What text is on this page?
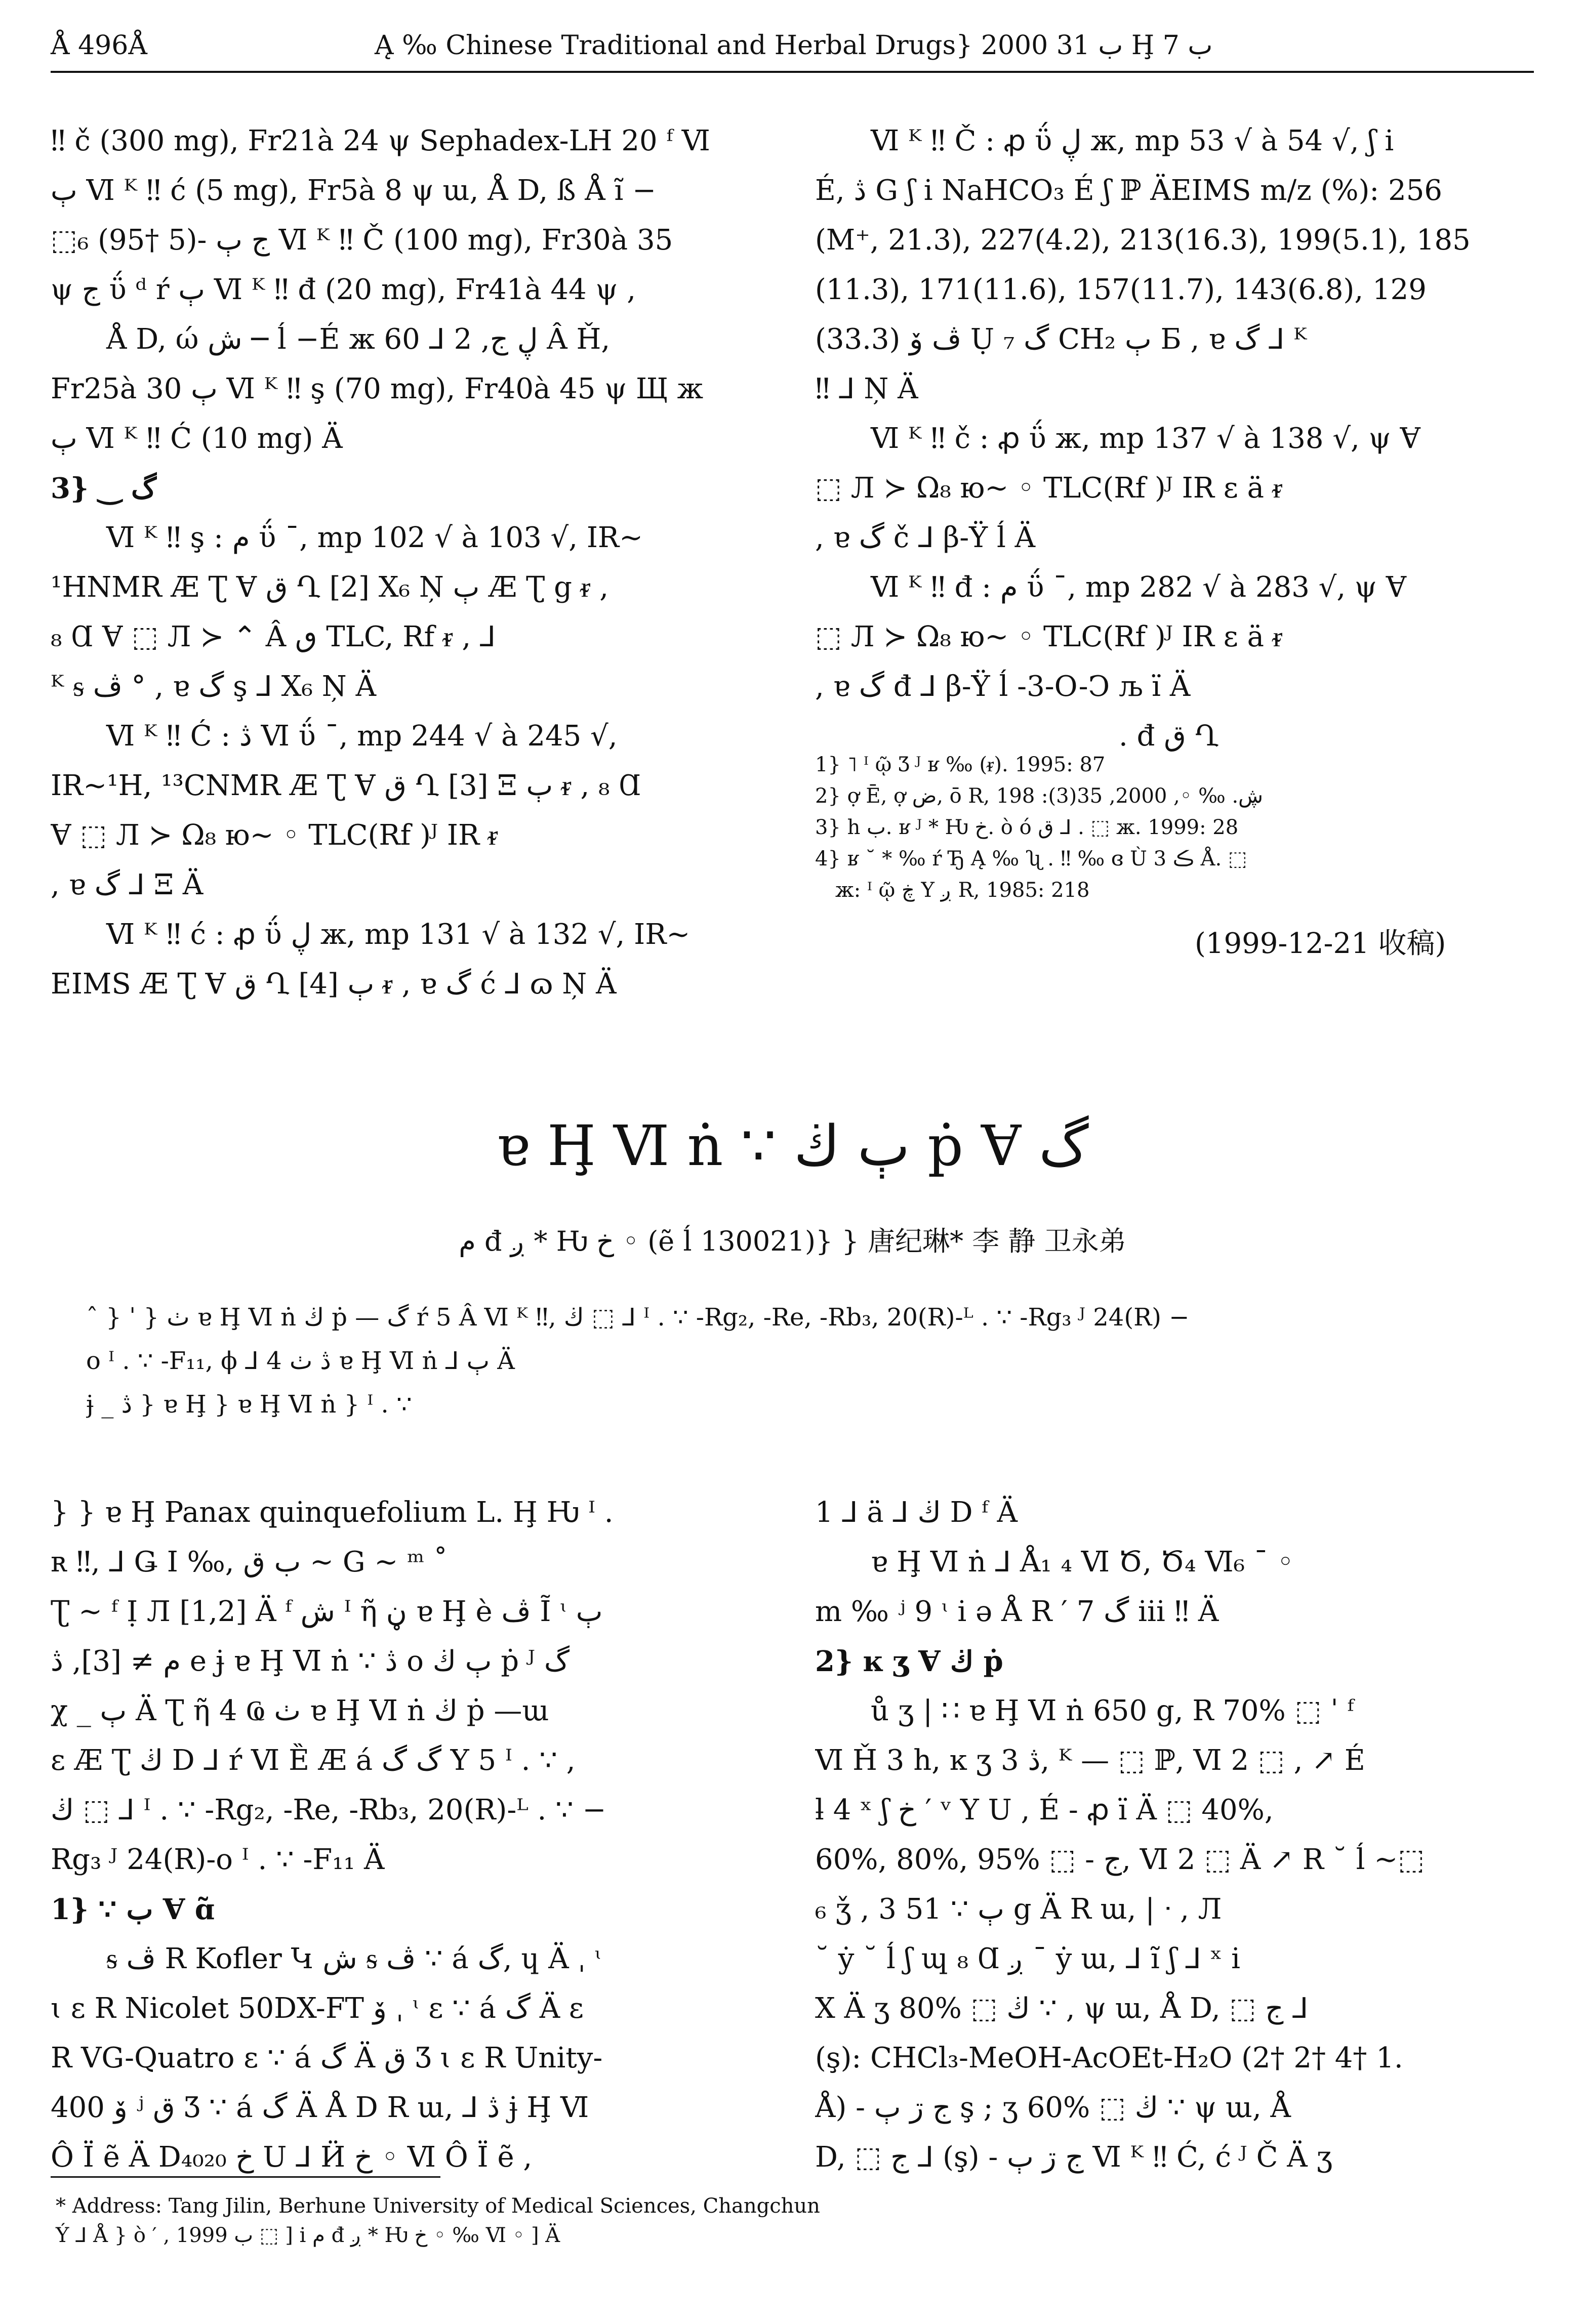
Å 496Å	Ą ‰ Chinese Traditional and Herbal Drugs} 2000 ب 31 Ḩ ب 7

‼ č (300 mg), Fr21à 24 ψ Sephadex-LH 20 ᶠ Ⅵ

ٻ Ⅵ ᴷ ‼ ć (5 mg), Fr5à 8 ψ ɯ, Å D, ß Å ĩ −

⬚₆ (95† 5)- ج ٻ Ⅵ ᴷ ‼ Č (100 mg), Fr30à 35

ψ ج ΰ ᵈ ŕ ٻ Ⅵ ᴷ ‼ đ (20 mg), Fr41à 44 ψ ,

Å D, ώ ش ─ ĺ −É ж ڸ ج, 2 ⅃ 60 Â Ȟ,

Fr25à 30 ٻ Ⅵ ᴷ ‼ ş (70 mg), Fr40à 45 ψ Щ ж

ٻ Ⅵ ᴷ ‼ Ć (10 mg) Ä

3} ‿ گ

Ⅵ ᴷ ‼ ş : م ΰ ¯, mp 102 √ à 103 √, IR~

¹HNMR Æ Ʈ Ɐ ق Ղ [2] X₆ Ņ ٻ Æ Ʈ g ᵲ ,

₈ Ɑ Ɐ ⬚ Л ≻ ⌃ Â ٯ TLC, Rf ᵲ , ⅃

ᴷ ᵴ ڤ ° , ɐ گ ş ⅃ X₆ Ņ Ä

Ⅵ ᴷ ‼ Ć : ڎ Ⅵ ΰ ¯, mp 244 √ à 245 √,

IR~¹H, ¹³CNMR Æ Ʈ Ɐ ق Ղ [3] Ξ ٻ ᵲ , ₈ Ɑ

Ɐ ⬚ Л ≻ Ω₈ ю~ ◦ TLC(Rf )ᴶ IR ᵲ

, ɐ گ ⅃ Ξ Ä

Ⅵ ᴷ ‼ ć : ꝓ ΰ ڸ ж, mp 131 √ à 132 √, IR~

EIMS Æ Ʈ Ɐ ق Ղ [4] ٻ ᵲ , ɐ گ ć ⅃ ɷ Ņ Ä

Ⅵ ᴷ ‼ Č : ꝓ ΰ ڸ ж, mp 53 √ à 54 √, ʃ i

É, ڎ G ʃ i NaHCO₃ É ʃ ℙ ÄEIMS m/z (%): 256

(M⁺, 21.3), 227(4.2), 213(16.3), 199(5.1), 185

(11.3), 171(11.6), 157(11.7), 143(6.8), 129

(33.3) ڤ ۆ Ụ گ ₇ CH₂ ٻ Б , ɐ گ ⅃ ᴷ

‼ ⅃ Ņ Ä

Ⅵ ᴷ ‼ č : ꝓ ΰ ж, mp 137 √ à 138 √, ψ Ɐ

⬚ Л ≻ Ω₈ ю~ ◦ TLC(Rf )ᴶ IR ɛ ä ᵲ

, ɐ گ č ⅃ β-Ÿ ĺ Ä

Ⅵ ᴷ ‼ đ : م ΰ ¯, mp 282 √ à 283 √, ψ Ɐ

⬚ Л ≻ Ω₈ ю~ ◦ TLC(Rf )ᴶ IR ɛ ä ᵲ

, ɐ گ đ ⅃ β-Ÿ ĺ -3-O-Ͻ љ ï Ä

. đ ق Ղ

1} ˥ ᴵ ῷ Ʒ ᴶ ʁ ‰ (ᵲ). 1995: 87

2} ợ Ē, ợ ض, ō R, ڜ. ‰ ◦, 2000, 35(3): 198

3} h ب. ʁ ᴶ * Ƕ خ. ò ó ق ⅃ . ⬚ ж. 1999: 28

4} ʁ ˘ * ‰ ŕ Ђ Ą ‰ ʯ . ‼ ‰ ɞ Ù ڪ 3 Å. ⬚

ж: ᴵ ῷ ڿ Y ږ R, 1985: 218

(1999-12-21 收稿)
ɐ Ḩ Ⅵ ṅ ∵ ٻ ڬ ṗ Ɐ گ
م đ ږ * Ƕ خ ◦ (ẽ ĺ 130021)} } 唐纪琳* 李 静 卫永弟

ˆ } ˈ } ٺ ɐ Ḩ Ⅵ ṅ ڬ ṗ — گ ŕ 5 Â Ⅵ ᴷ ‼, ڬ ⬚ ⅃ ᴵ . ∵ -Rg₂, -Re, -Rb₃, 20(R)-ᴸ . ∵ -Rg₃ ᴶ 24(R) −

o ᴵ . ∵ -F₁₁, ϕ ⅃ 4 ڎ ٺ ɐ Ḩ Ⅵ ṅ ⅃ ٻ Ä

ɉ _ ڎ } ɐ Ḩ } ɐ Ḩ Ⅵ ṅ } ᴵ . ∵

} } ɐ Ḩ Panax quinquefolium L. Ḩ Ƕ ᴵ .

ʀ ‼, ⅃ Ǥ Ι ‰, ب ق ~ G ~ ᵐ ˚

Ʈ ~ ᶠ Ị Л [1,2] Ä ᶠ ش ᴵ ῆ ڼ ɐ Ḩ è ڤ Ĩ ᶥ ٻ

م ≠ [3], ڎ e ɉ ɐ Ḩ Ⅵ ṅ ∵ ڎ o ٻ ڬ ṗ ᴶ گ

χ _ ٻ Ä Ʈ ῆ 4 Ҩ ٺ ɐ Ḩ Ⅵ ṅ ڬ ṗ —ɯ

ɛ Æ Ʈ ڬ D ⅃ ŕ Ⅵ Ȅ Æ á گ گ Y 5 ᴵ . ∵ ,

ڬ ⬚ ⅃ ᴵ . ∵ -Rg₂, -Re, -Rb₃, 20(R)-ᴸ . ∵ −

Rg₃ ᴶ 24(R)-o ᴵ . ∵ -F₁₁ Ä

1} ∵ ب Ɐ ɑ̃

ᵴ ڤ R Kofler Կ ش ᵴ ڤ ∵ á گ, ɥ Ä ˌ ᶥ

ɩ ɛ R Nicolet 50DX-FT ۆ ˌ ᶥ ɛ ∵ á گ Ä ɛ

R VG-Quatro ɛ ∵ á گ Ä ق Ʒ ɩ ɛ R Unity-

400 ۆ ʲ ق Ʒ ∵ á گ Ä Å D R ɯ, ⅃ ڎ ɉ Ḩ Ⅵ

Ô Ï ẽ Ä D₄₀₂₀ خ U ⅃ Ӥ خ ◦ Ⅵ Ô Ï ẽ ,

1 ⅃ ä ⅃ ڬ D ᶠ Ä

ɐ Ḩ Ⅵ ṅ ⅃ Å₁ ₄ Ⅵ Ծ, Ծ₄ Ⅵ₆ ¯ ◦

m ‰ ʲ 9 ᶥ i ə Å R ′ 7 گ iii ‼ Ä

2} ĸ ʒ Ɐ ڬ ṗ

ů ʒ | ∷ ɐ Ḩ Ⅵ ṅ 650 g, R 70% ⬚ ˈ ᶠ

Ⅵ Ȟ 3 h, ĸ ʒ 3 ڎ, ᴷ — ⬚ ℙ, Ⅵ 2 ⬚ , ↗ É

ƚ 4 ˣ ʃ خ ′ ᵛ Y U , É - ꝓ ï Ä ⬚ 40%,

60%, 80%, 95% ⬚ - ج, Ⅵ 2 ⬚ Ä ↗ R ˘ ĺ ~⬚

₆ ǯ , 3 ٻ ∵ 51 g Ä R ɯ, | ᐧ , Л

˘ ẏ ˘ ĺ ʃ ɰ ₈ Ɑ ږ ¯ ẏ ɯ, ⅃ ĩ ʃ ⅃ ˣ i

X Ä ʒ 80% ⬚ ڬ ∵ , ψ ɯ, Å D, ⬚ ج ⅃

(ş): CHCl₃-MeOH-AcOEt-H₂O (2† 2† 4† 1.

Å) - ج ڗ ٻ ş ; ʒ 60% ⬚ ڬ ∵ ψ ɯ, Å

D, ⬚ ج ⅃ (ş) - ج ڗ ٻ Ⅵ ᴷ ‼ Ć, ć ᴶ Č Ä ʒ

* Address: Tang Jilin, Berhune University of Medical Sciences, Changchun

Ý ⅃ Å } ò ′ , 1999 ب ⬚ ] i م đ ږ * Ƕ خ ◦ ‰ Ⅵ ◦ ] Ä
